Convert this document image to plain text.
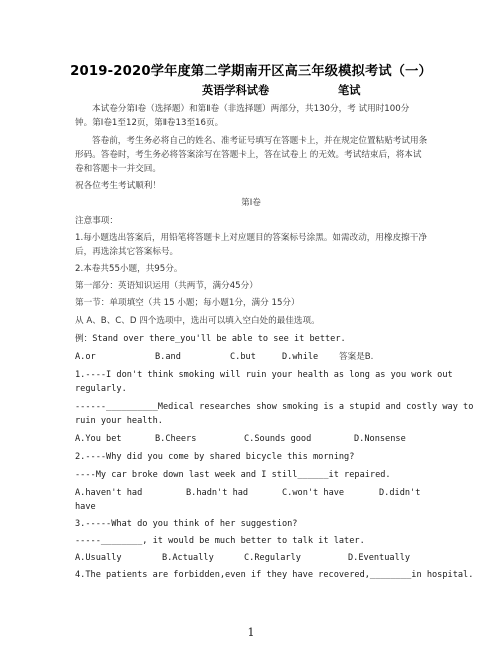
2019-2020学年度第二学期南开区高三年级模拟考试（一）
英语学科试卷	笔试
本试卷分第Ⅰ卷（选择题）和第Ⅱ卷（非选择题）两部分，共130分，考 试用时100分
钟。第Ⅰ卷1至12页，第Ⅱ卷13至16页。
答卷前，考生务必将自己的姓名、准考证号填写在答题卡上，并在规定位置粘贴考试用条
形码。答卷时，考生务必将答案涂写在答题卡上，答在试卷上 的无效。考试结束后，将本试
卷和答题卡一并交回。
祝各位考生考试顺利！
第Ⅰ卷
注意事项：
1.每小题选出答案后，用铅笔将答题卡上对应题目的答案标号涂黑。如需改动，用橡皮擦干净
后，再选涂其它答案标号。
2.本卷共55小题，共95分。
第一部分：英语知识运用（共两节，满分45分）
第一节：单项填空（共 15 小题；每小题1分，满分 15分）
从 A、B、C、D 四个选项中，选出可以填入空白处的最佳选项。
例：Stand over there_you'll be able to see it better.
A.or	B.and	C.but	D.while 答案是B.
1.----I don't think smoking will ruin your health as long as you work out
regularly.
------__________Medical researches show smoking is a stupid and costly way to
ruin your health.
A.You bet	B.Cheers	C.Sounds good	D.Nonsense
2.----Why did you come by shared bicycle this morning?
----My car broke down last week and I still______it repaired.
A.haven't had	B.hadn't had	C.won't have	D.didn't
have
3.-----What do you think of her suggestion?
-----________, it would be much better to talk it later.
A.Usually	B.Actually	C.Regularly	D.Eventually
4.The patients are forbidden,even if they have recovered,________in hospital.
1
